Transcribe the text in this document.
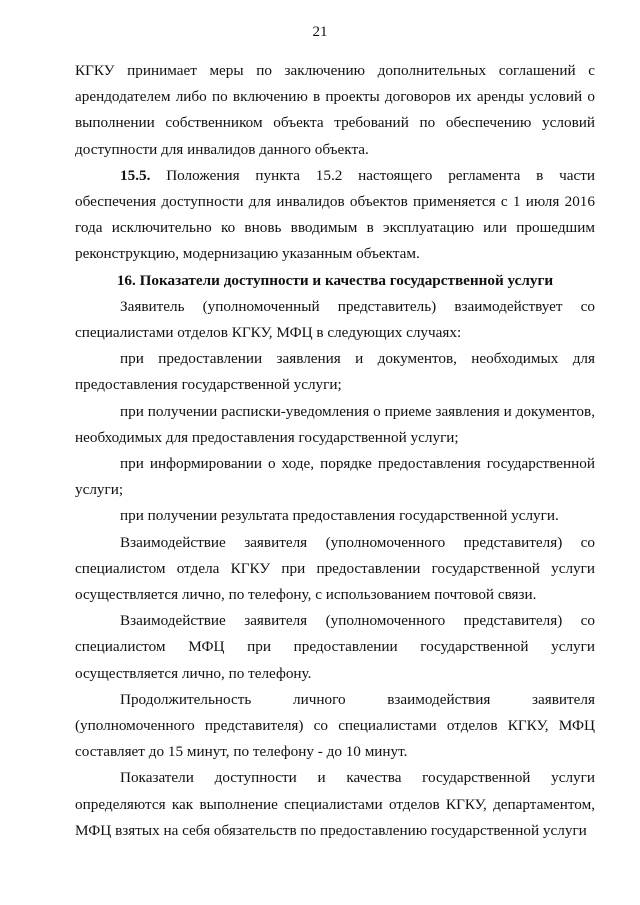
21

КГКУ принимает меры по заключению дополнительных соглашений с арендодателем либо по включению в проекты договоров их аренды условий о выполнении собственником объекта требований по обеспечению условий доступности для инвалидов данного объекта.

15.5. Положения пункта 15.2 настоящего регламента в части обеспечения доступности для инвалидов объектов применяется с 1 июля 2016 года исключительно ко вновь вводимым в эксплуатацию или прошедшим реконструкцию, модернизацию указанным объектам.

16. Показатели доступности и качества государственной услуги

Заявитель (уполномоченный представитель) взаимодействует со специалистами отделов КГКУ, МФЦ в следующих случаях:

при предоставлении заявления и документов, необходимых для предоставления государственной услуги;

при получении расписки-уведомления о приеме заявления и документов, необходимых для предоставления государственной услуги;

при информировании о ходе, порядке предоставления государственной услуги;

при получении результата предоставления государственной услуги.

Взаимодействие заявителя (уполномоченного представителя) со специалистом отдела КГКУ при предоставлении государственной услуги осуществляется лично, по телефону, с использованием почтовой связи.

Взаимодействие заявителя (уполномоченного представителя) со специалистом МФЦ при предоставлении государственной услуги осуществляется лично, по телефону.

Продолжительность личного взаимодействия заявителя (уполномоченного представителя) со специалистами отделов КГКУ, МФЦ составляет до 15 минут, по телефону - до 10 минут.

Показатели доступности и качества государственной услуги определяются как выполнение специалистами отделов КГКУ, департаментом, МФЦ взятых на себя обязательств по предоставлению государственной услуги
